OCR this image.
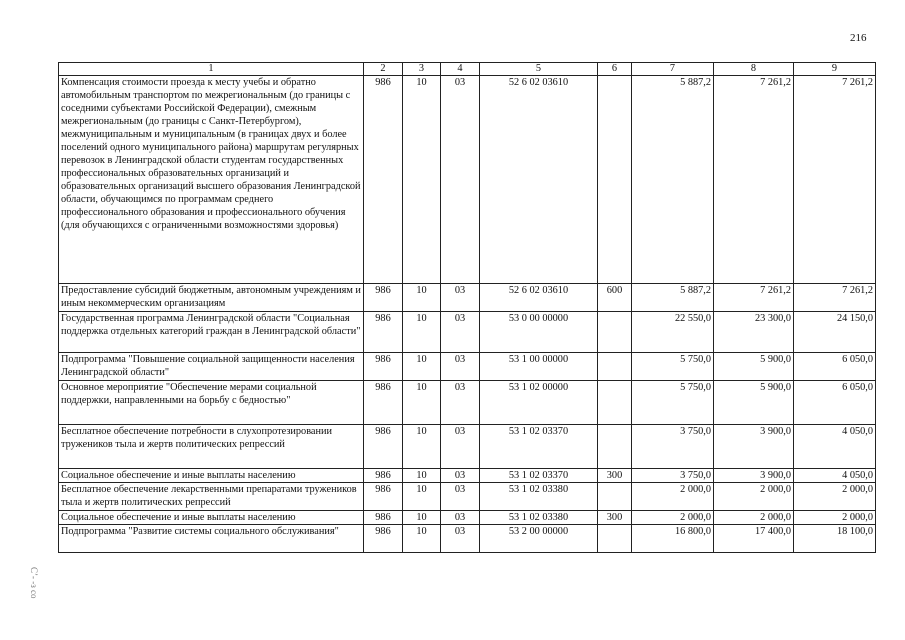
216
C’‑ ‐з со
1	2	3	4	5	6	7	8	9
Компенсация стоимости проезда к месту учебы и обратно автомобильным транспортом по межрегиональным (до границы с соседними субъектами Российской Федерации), смежным межрегиональным (до границы с Санкт-Петербургом), межмуниципальным и муниципальным (в границах двух и более поселений одного муниципального района) маршрутам регулярных перевозок в Ленинградской области студентам государственных профессиональных образовательных организаций и образовательных организаций высшего образования Ленинградской области, обучающимся по программам среднего профессионального образования и профессионального обучения (для обучающихся с ограниченными возможностями здоровья)	986	10	03	52 6 02 03610		5 887,2	7 261,2	7 261,2
Предоставление субсидий бюджетным, автономным учреждениям и иным некоммерческим организациям	986	10	03	52 6 02 03610	600	5 887,2	7 261,2	7 261,2
Государственная программа Ленинградской области "Социальная поддержка отдельных категорий граждан в Ленинградской области"	986	10	03	53 0 00 00000		22 550,0	23 300,0	24 150,0
Подпрограмма "Повышение социальной защищенности населения Ленинградской области"	986	10	03	53 1 00 00000		5 750,0	5 900,0	6 050,0
Основное мероприятие "Обеспечение мерами социальной поддержки, направленными на борьбу с бедностью"	986	10	03	53 1 02 00000		5 750,0	5 900,0	6 050,0
Бесплатное обеспечение потребности в слухопротезировании тружеников тыла и жертв политических репрессий	986	10	03	53 1 02 03370		3 750,0	3 900,0	4 050,0
Социальное обеспечение и иные выплаты населению	986	10	03	53 1 02 03370	300	3 750,0	3 900,0	4 050,0
Бесплатное обеспечение лекарственными препаратами тружеников тыла и жертв политических репрессий	986	10	03	53 1 02 03380		2 000,0	2 000,0	2 000,0
Социальное обеспечение и иные выплаты населению	986	10	03	53 1 02 03380	300	2 000,0	2 000,0	2 000,0
Подпрограмма "Развитие системы социального обслуживания"	986	10	03	53 2 00 00000		16 800,0	17 400,0	18 100,0
